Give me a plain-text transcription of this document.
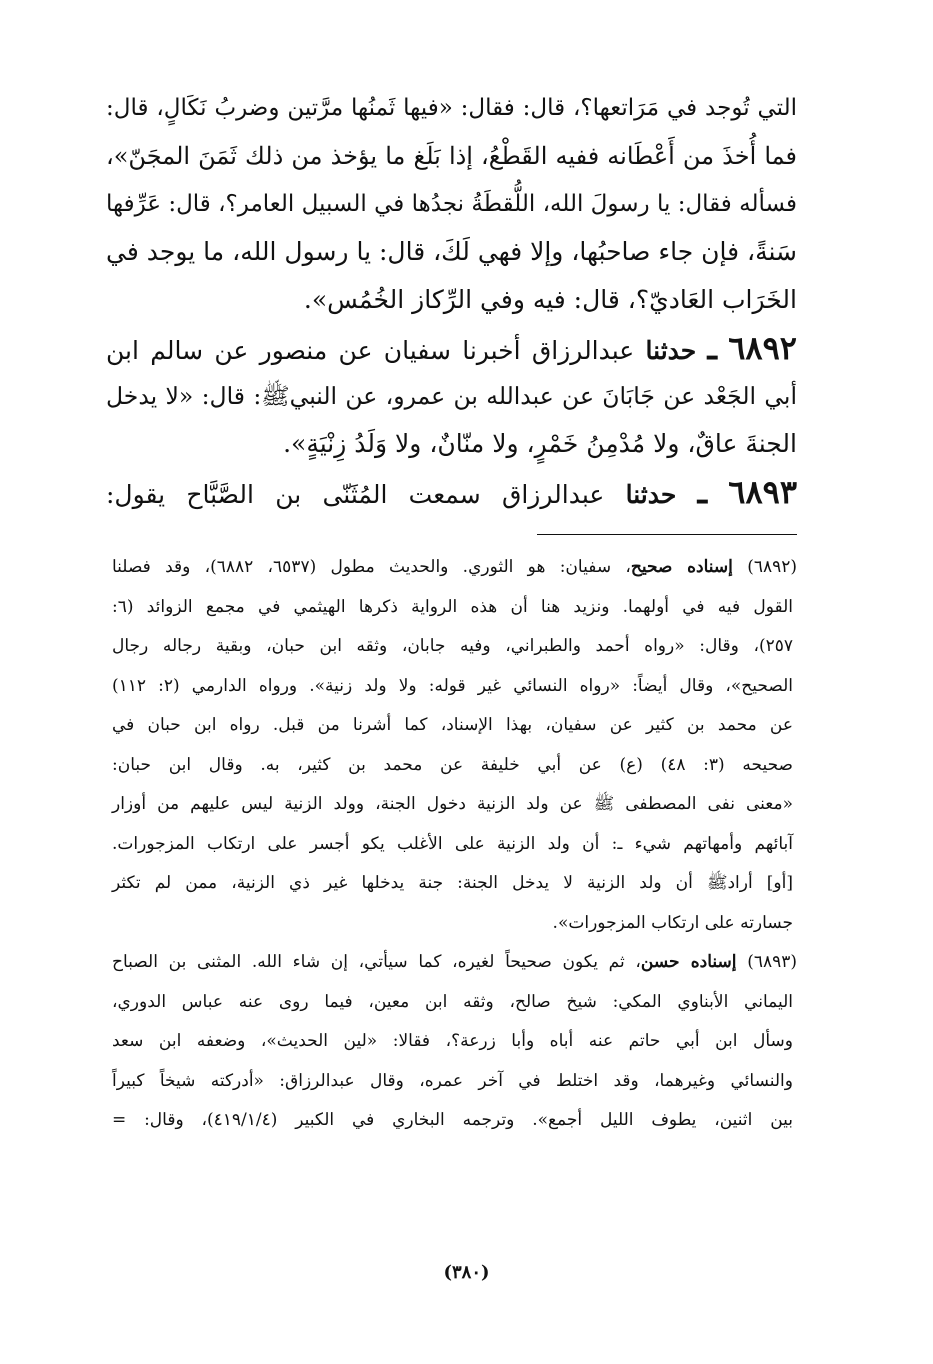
التي تُوجد في مَرَاتعها؟، قال: فقال: «فيها ثَمنُها مرَّتين وضربُ نَكَالٍ، قال:
فما أُخذَ من أَعْطَانه ففيه القَطْعُ، إذا بَلَغ ما يؤخذ من ذلك ثَمَنَ المجَنّ»،
فسأله فقال: يا رسولَ الله، اللُّقطَةُ نجدُها في السبيل العامر؟، قال: عَرِّفها
سَنةً، فإن جاء صاحبُها، وإلا فهي لَكَ، قال: يا رسول الله، ما يوجد في
الخَرَاب العَاديّ؟، قال: فيه وفي الرِّكاز الخُمُس».
٦٨٩٢ ـ حدثنا عبدالرزاق أخبرنا سفيان عن منصور عن سالم ابن
أبي الجَعْد عن جَابَانَ عن عبدالله بن عمرو، عن النبيﷺ: قال: «لا يدخل
الجنةَ عاقٌ، ولا مُدْمِنُ خَمْرٍ، ولا منّانٌ، ولا وَلَدُ زِنْيَةٍ».
٦٨٩٣ ـ حدثنا عبدالرزاق سمعت المُثَنّى بن الصَّبَّاح يقول:
(٦٨٩٢) إسناده صحيح، سفيان: هو الثوري. والحديث مطول (٦٥٣٧، ٦٨٨٢)، وقد فصلنا
القول فيه في أولهما. ونزيد هنا أن هذه الرواية ذكرها الهيثمي في مجمع الزوائد (٦:
٢٥٧)، وقال: «رواه أحمد والطبراني، وفيه جابان، وثقه ابن حبان، وبقية رجاله رجال
الصحيح»، وقال أيضاً: «رواه النسائي غير قوله: ولا ولد زنية». ورواه الدارمي (٢: ١١٢)
عن محمد بن كثير عن سفيان، بهذا الإسناد، كما أشرنا من قبل. رواه ابن حبان في
صحيحه (٣: ٤٨) (ع) عن أبي خليفة عن محمد بن كثير، به. وقال ابن حبان:
«معنى نفى المصطفى ﷺ عن ولد الزنية دخول الجنة، وولد الزنية ليس عليهم من أوزار
آبائهم وأمهاتهم شيء ـ: أن ولد الزنية على الأغلب يكو أجسر على ارتكاب المزجورات.
[أو] أرادﷺ أن ولد الزنية لا يدخل الجنة: جنة يدخلها غير ذي الزنية، ممن لم تكثر
جسارته على ارتكاب المزجورات».
(٦٨٩٣) إسناده حسن، ثم يكون صحيحاً لغيره، كما سيأتي، إن شاء الله. المثنى بن الصباح
اليماني الأبناوي المكي: شيخ صالح، وثقه ابن معين، فيما روى عنه عباس الدوري،
وسأل ابن أبي حاتم عنه أباه وأبا زرعة؟، فقالا: «لين الحديث»، وضعفه ابن سعد
والنسائي وغيرهما، وقد اختلط في آخر عمره، وقال عبدالرزاق: «أدركته شيخاً كبيراً
بين اثنين، يطوف الليل أجمع». وترجمه البخاري في الكبير (٤١٩/١/٤)، وقال: =
(٣٨٠)
